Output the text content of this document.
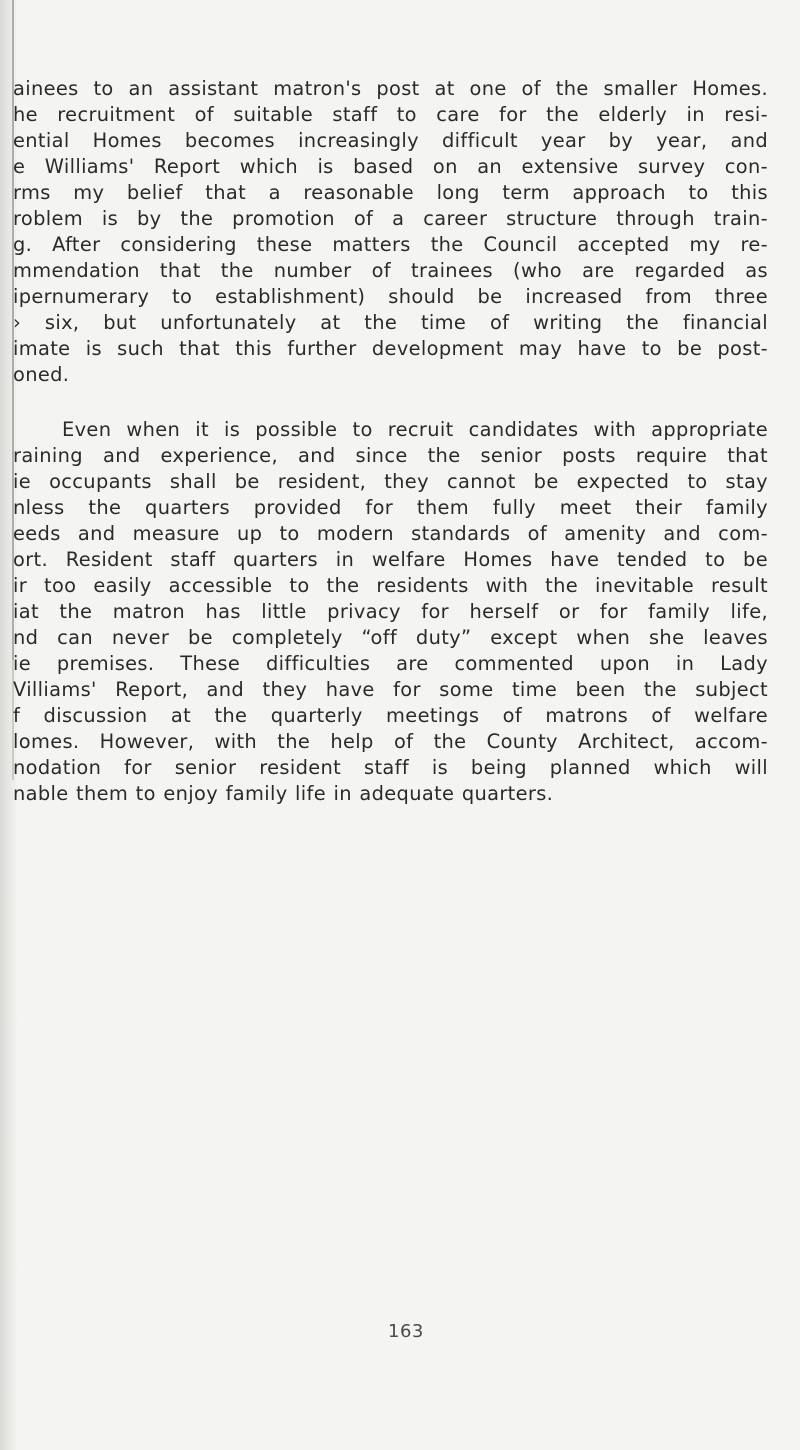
ainees to an assistant matron's post at one of the smaller Homes.
he recruitment of suitable staff to care for the elderly in resi-
ential Homes becomes increasingly difficult year by year, and
e Williams' Report which is based on an extensive survey con-
rms my belief that a reasonable long term approach to this
roblem is by the promotion of a career structure through train-
g. After considering these matters the Council accepted my re-
mmendation that the number of trainees (who are regarded as
ipernumerary to establishment) should be increased from three
› six, but unfortunately at the time of writing the financial
imate is such that this further development may have to be post-
oned.
Even when it is possible to recruit candidates with appropriate
raining and experience, and since the senior posts require that
ie occupants shall be resident, they cannot be expected to stay
nless the quarters provided for them fully meet their family
eeds and measure up to modern standards of amenity and com-
ort. Resident staff quarters in welfare Homes have tended to be
ir too easily accessible to the residents with the inevitable result
iat the matron has little privacy for herself or for family life,
nd can never be completely “off duty” except when she leaves
ie premises. These difficulties are commented upon in Lady
Villiams' Report, and they have for some time been the subject
f discussion at the quarterly meetings of matrons of welfare
lomes. However, with the help of the County Architect, accom-
nodation for senior resident staff is being planned which will
nable them to enjoy family life in adequate quarters.
163
